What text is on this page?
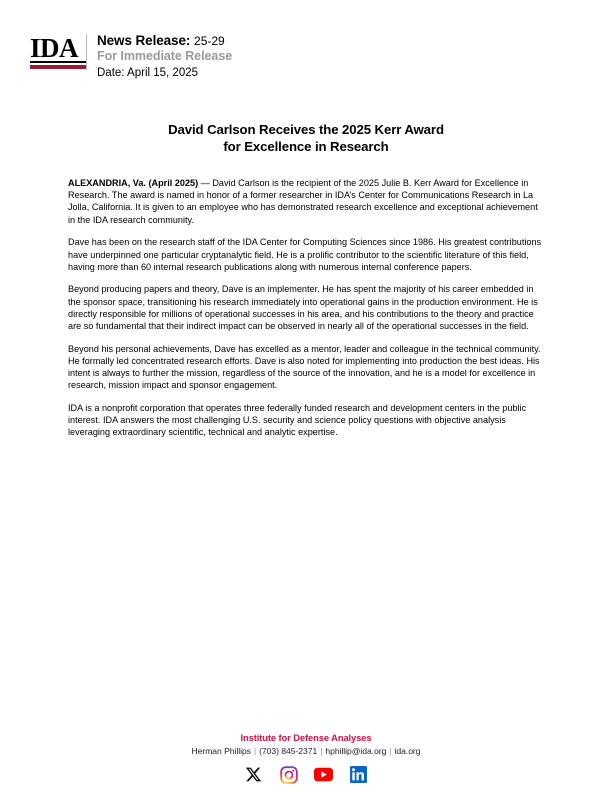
IDA	News Release: 25-29
For Immediate Release
Date: April 15, 2025
David Carlson Receives the 2025 Kerr Award
for Excellence in Research

ALEXANDRIA, Va. (April 2025) — David Carlson is the recipient of the 2025 Julie B. Kerr Award for Excellence in Research. The award is named in honor of a former researcher in IDA’s Center for Communications Research in La Jolla, California. It is given to an employee who has demonstrated research excellence and exceptional achievement in the IDA research community.

Dave has been on the research staff of the IDA Center for Computing Sciences since 1986. His greatest contributions have underpinned one particular cryptanalytic field. He is a prolific contributor to the scientific literature of this field, having more than 60 internal research publications along with numerous internal conference papers.

Beyond producing papers and theory, Dave is an implementer. He has spent the majority of his career embedded in the sponsor space, transitioning his research immediately into operational gains in the production environment. He is directly responsible for millions of operational successes in his area, and his contributions to the theory and practice are so fundamental that their indirect impact can be observed in nearly all of the operational successes in the field.

Beyond his personal achievements, Dave has excelled as a mentor, leader and colleague in the technical community. He formally led concentrated research efforts. Dave is also noted for implementing into production the best ideas. His intent is always to further the mission, regardless of the source of the innovation, and he is a model for excellence in research, mission impact and sponsor engagement.

IDA is a nonprofit corporation that operates three federally funded research and development centers in the public interest. IDA answers the most challenging U.S. security and science policy questions with objective analysis leveraging extraordinary scientific, technical and analytic expertise.

Institute for Defense Analyses
Herman Phillips | (703) 845-2371 | hphillip@ida.org | ida.org
